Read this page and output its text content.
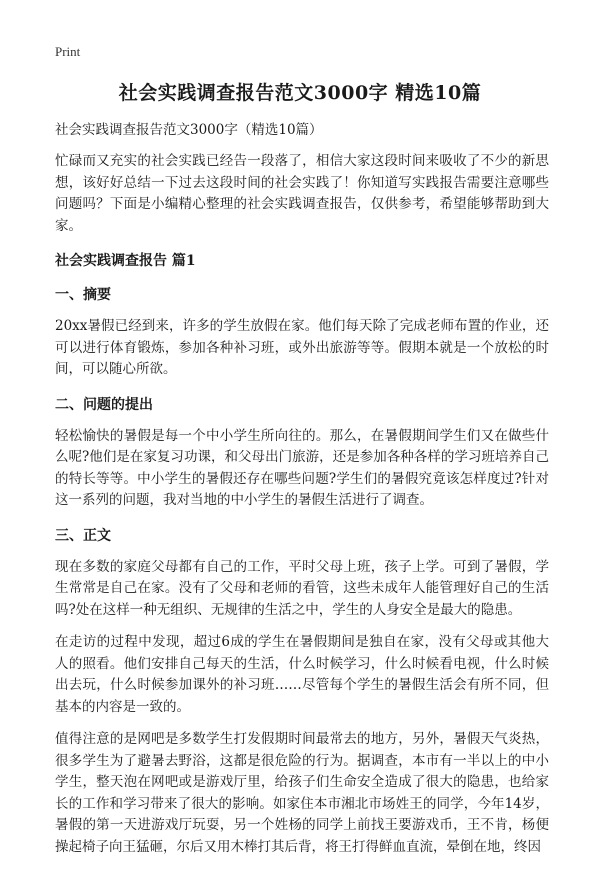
Print
社会实践调查报告范文3000字 精选10篇
社会实践调查报告范文3000字（精选10篇）

忙碌而又充实的社会实践已经告一段落了，相信大家这段时间来吸收了不少的新思想，该好好总结一下过去这段时间的社会实践了！你知道写实践报告需要注意哪些问题吗？下面是小编精心整理的社会实践调查报告，仅供参考，希望能够帮助到大家。

社会实践调查报告 篇1
一、摘要

20xx暑假已经到来，许多的学生放假在家。他们每天除了完成老师布置的作业，还可以进行体育锻炼，参加各种补习班，或外出旅游等等。假期本就是一个放松的时间，可以随心所欲。

二、问题的提出

轻松愉快的暑假是每一个中小学生所向往的。那么，在暑假期间学生们又在做些什么呢?他们是在家复习功课，和父母出门旅游，还是参加各种各样的学习班培养自己的特长等等。中小学生的暑假还存在哪些问题?学生们的暑假究竟该怎样度过?针对这一系列的问题，我对当地的中小学生的暑假生活进行了调查。

三、正文

现在多数的家庭父母都有自己的工作，平时父母上班，孩子上学。可到了暑假，学生常常是自己在家。没有了父母和老师的看管，这些未成年人能管理好自己的生活吗?处在这样一种无组织、无规律的生活之中，学生的人身安全是最大的隐患。

在走访的过程中发现，超过6成的学生在暑假期间是独自在家，没有父母或其他大人的照看。他们安排自己每天的生活，什么时候学习，什么时候看电视，什么时候出去玩，什么时候参加课外的补习班……尽管每个学生的暑假生活会有所不同，但基本的内容是一致的。

值得注意的是网吧是多数学生打发假期时间最常去的地方，另外，暑假天气炎热，很多学生为了避暑去野浴，这都是很危险的行为。据调查，本市有一半以上的中小学生，整天泡在网吧或是游戏厅里，给孩子们生命安全造成了很大的隐患，也给家长的工作和学习带来了很大的影响。如家住本市湘北市场姓王的同学，今年14岁，暑假的第一天进游戏厅玩耍，另一个姓杨的同学上前找王要游戏币，王不肯，杨便操起椅子向王猛砸，尔后又用木棒打其后背，将王打得鲜血直流，晕倒在地，终因
